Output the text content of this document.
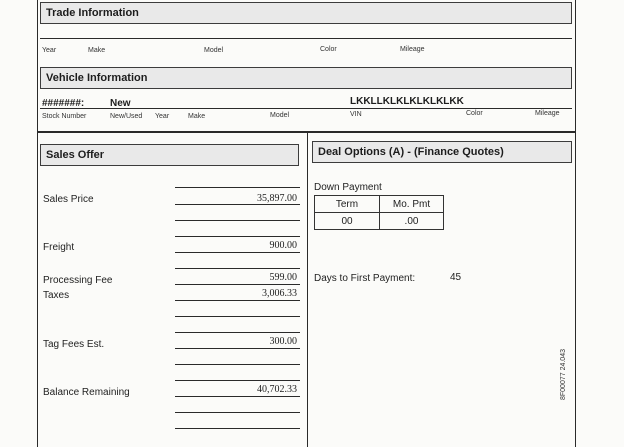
Trade Information
Year	Make	Model	Color	Mileage
Vehicle Information
#######:	New	LKKLLKLKLKLKLKLKK
Stock Number	New/Used Year	Make	Model	VIN	Color	Mileage
Sales Offer
Sales Price	35,897.00
Freight	900.00
Processing Fee	599.00
Taxes	3,006.33
Tag Fees Est.	300.00
Balance Remaining	40,702.33
Deal Options (A) - (Finance Quotes)
Down Payment
Term	Mo. Pmt
00	.00
Days to First Payment:	45
8F00077 24.043
